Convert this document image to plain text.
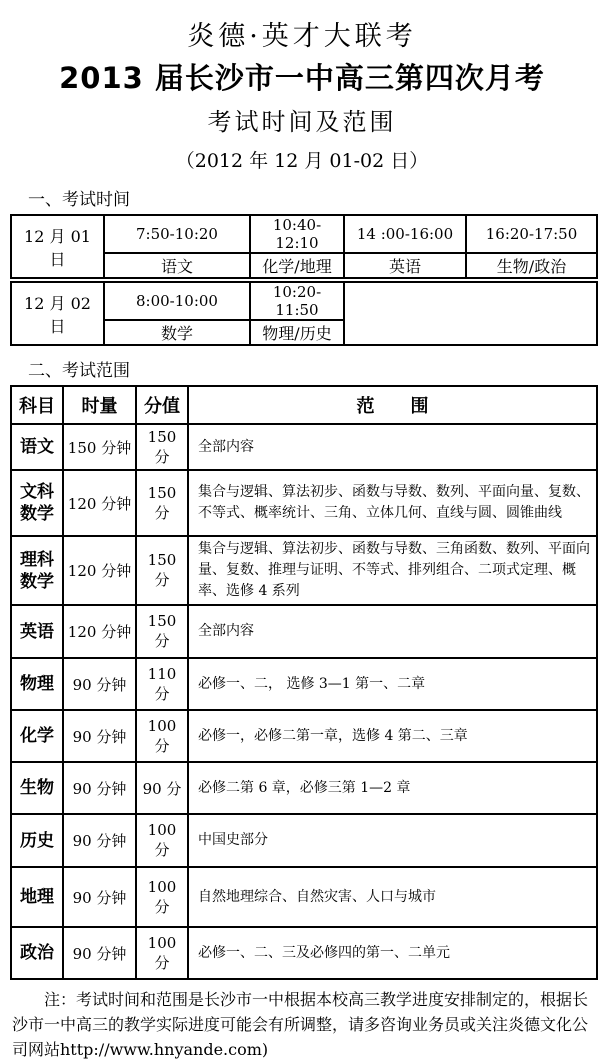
炎德·英才大联考
2013 届长沙市一中高三第四次月考
考试时间及范围
（2012 年 12 月 01-02 日）
一、考试时间
12 月 01 日	7:50-10:20	10:40-12:10	14 :00-16:00	16:20-17:50
	语文	化学/地理	英语	生物/政治
12 月 02 日	8:00-10:00	10:20-11:50	
	数学	物理/历史	
二、考试范围
科目	时量	分值	范　　围
语文	150 分钟	150 分	全部内容
文科数学	120 分钟	150 分	集合与逻辑、算法初步、函数与导数、数列、平面向量、复数、不等式、概率统计、三角、立体几何、直线与圆、圆锥曲线
理科数学	120 分钟	150 分	集合与逻辑、算法初步、函数与导数、三角函数、数列、平面向量、复数、推理与证明、不等式、排列组合、二项式定理、概率、选修 4 系列
英语	120 分钟	150 分	全部内容
物理	90 分钟	110 分	必修一、二， 选修 3—1 第一、二章
化学	90 分钟	100 分	必修一，必修二第一章，选修 4 第二、三章
生物	90 分钟	90 分	必修二第 6 章，必修三第 1—2 章
历史	90 分钟	100 分	中国史部分
地理	90 分钟	100 分	自然地理综合、自然灾害、人口与城市
政治	90 分钟	100 分	必修一、二、三及必修四的第一、二单元
注：考试时间和范围是长沙市一中根据本校高三教学进度安排制定的，根据长沙市一中高三的教学实际进度可能会有所调整，请多咨询业务员或关注炎德文化公司网站http://www.hnyande.com)
